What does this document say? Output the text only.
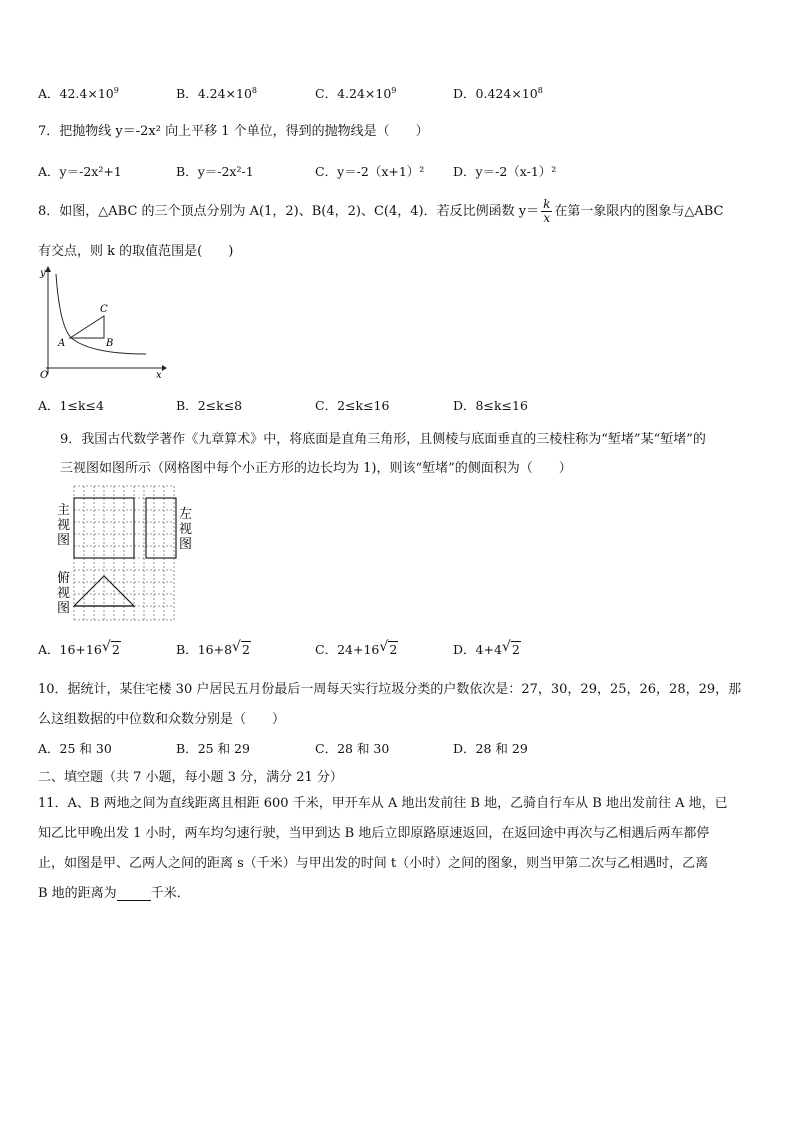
A．$42.4\times 10^9$	B．$4.24\times 10^8$	C．$4.24\times 10^9$	D．$0.424\times 10^8$
7．把抛物线 y＝-2x² 向上平移 1 个单位，得到的抛物线是（　　）
A．y＝-2x²+1	B．y＝-2x²-1	C．y＝-2（x+1）² D．y＝-2（x-1）²
8．如图，△ABC 的三个顶点分别为 A(1，2)、B(4，2)、C(4，4)．若反比例函数 $y= \frac{k}{x}$ 在第一象限内的图象与△ABC
有交点，则 k 的取值范围是(　　)
y
x
O
A	B
C
A．1≤k≤4	B．2≤k≤8	C．2≤k≤16	D．8≤k≤16
9．我国古代数学著作《九章算术》中，将底面是直角三角形，且侧棱与底面垂直的三棱柱称为“堑堵”某“堑堵”的
三视图如图所示（网格图中每个小正方形的边长均为 1)，则该“堑堵”的侧面积为（　　）
主视图
左视图
俯视图
A．16+16 √ 2	B．16+8 √ 2	C．24+16 √ 2	D．4+4 √ 2
10．据统计，某住宅楼 30 户居民五月份最后一周每天实行垃圾分类的户数依次是：27，30，29，25，26，28，29，那
么这组数据的中位数和众数分别是（　　）
A．25 和 30	B．25 和 29	C．28 和 30	D．28 和 29
二、填空题（共 7 小题，每小题 3 分，满分 21 分）
11．A、B 两地之间为直线距离且相距 600 千米，甲开车从 A 地出发前往 B 地，乙骑自行车从 B 地出发前往 A 地，已
知乙比甲晚出发 1 小时，两车均匀速行驶，当甲到达 B 地后立即原路原速返回，在返回途中再次与乙相遇后两车都停
止，如图是甲、乙两人之间的距离 s（千米）与甲出发的时间 t（小时）之间的图象，则当甲第二次与乙相遇时，乙离
B 地的距离为	千米．
